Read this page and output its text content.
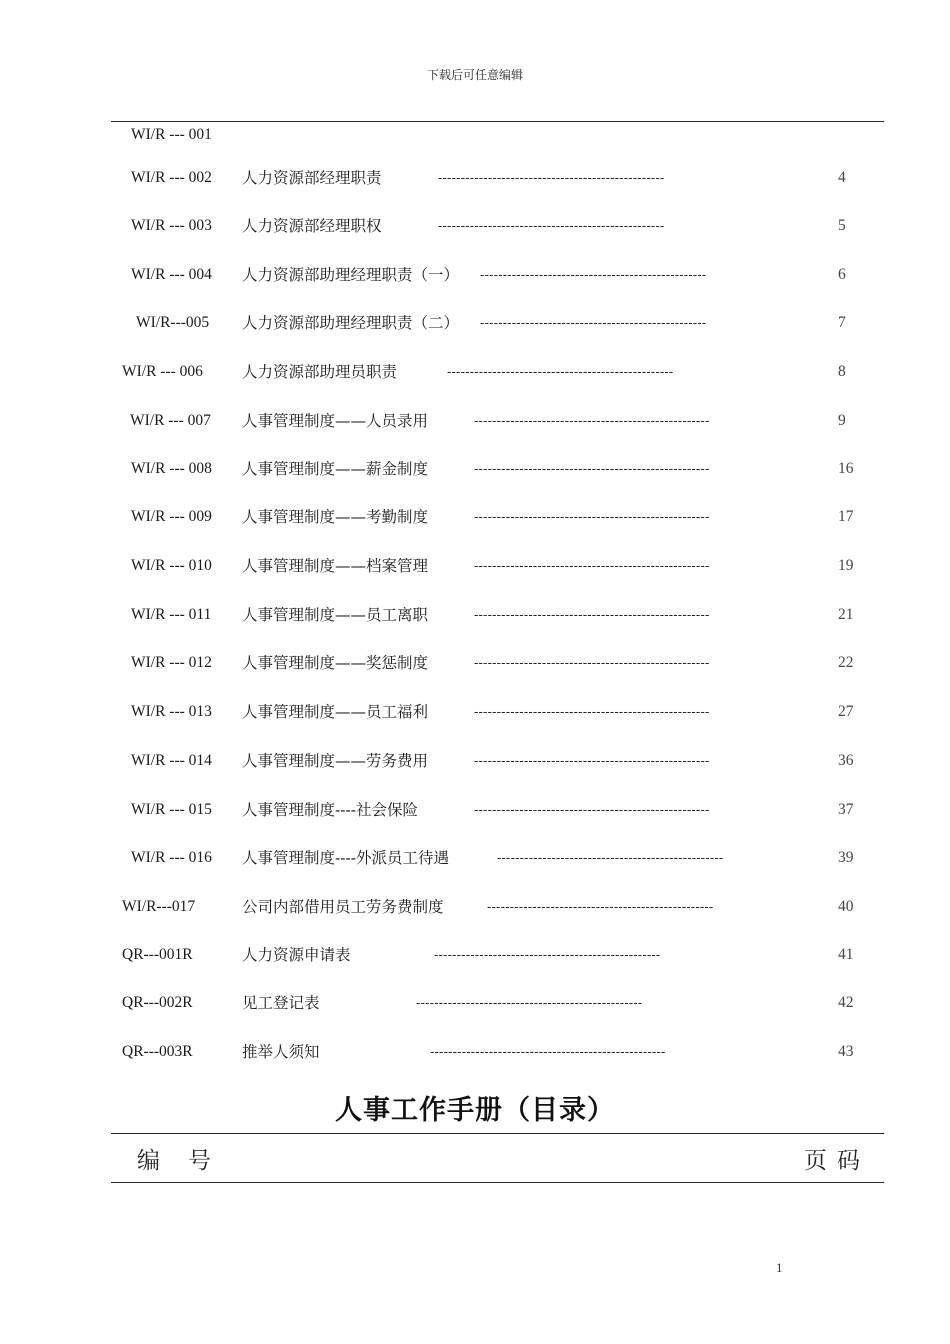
下载后可任意编辑
WI/R --- 001
WI/R --- 002 人力资源部经理职责	--------------------------------------------------	4
WI/R --- 003 人力资源部经理职权	--------------------------------------------------	5
WI/R --- 004 人力资源部助理经理职责（一） --------------------------------------------------	6
WI/R---005 人力资源部助理经理职责（二） --------------------------------------------------	7
WI/R --- 006	人力资源部助理员职责	--------------------------------------------------	8
WI/R --- 007 人事管理制度——人员录用	----------------------------------------------------	9
WI/R --- 008 人事管理制度——薪金制度	----------------------------------------------------	16
WI/R --- 009 人事管理制度——考勤制度	----------------------------------------------------	17
WI/R --- 010 人事管理制度——档案管理	----------------------------------------------------	19
WI/R --- 011 人事管理制度——员工离职	----------------------------------------------------	21
WI/R --- 012 人事管理制度——奖惩制度	----------------------------------------------------	22
WI/R --- 013 人事管理制度——员工福利	----------------------------------------------------	27
WI/R --- 014 人事管理制度——劳务费用	----------------------------------------------------	36
WI/R --- 015 人事管理制度----社会保险	----------------------------------------------------	37
WI/R --- 016 人事管理制度----外派员工待遇	--------------------------------------------------	39
WI/R---017	公司内部借用员工劳务费制度	--------------------------------------------------	40
QR---001R	人力资源申请表	--------------------------------------------------	41
QR---002R	见工登记表	--------------------------------------------------	42
QR---003R	推举人须知	----------------------------------------------------	43
人事工作手册（目录）
编号	页码
1
